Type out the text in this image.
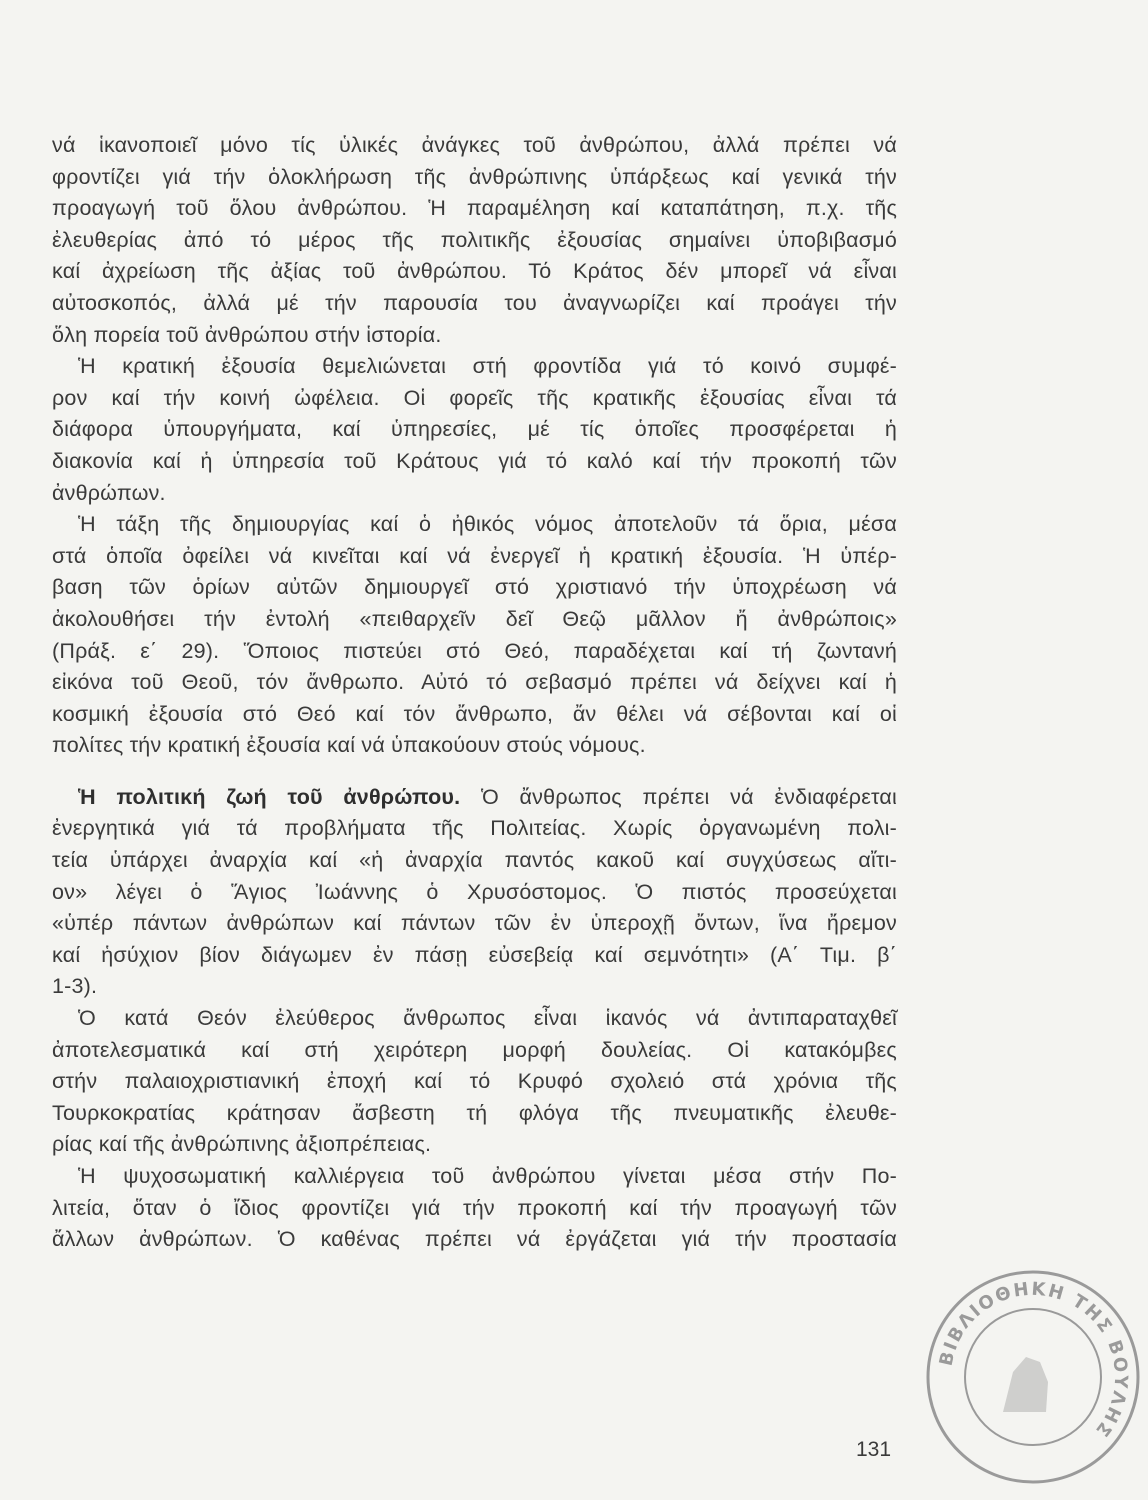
νά ἱκανοποιεῖ μόνο τίς ὑλικές ἀνάγκες τοῦ ἀνθρώπου, ἀλλά πρέπει νά
φροντίζει γιά τήν ὁλοκλήρωση τῆς ἀνθρώπινης ὑπάρξεως καί γενικά τήν
προαγωγή τοῦ ὅλου ἀνθρώπου. Ἡ παραμέληση καί καταπάτηση, π.χ. τῆς
ἐλευθερίας ἀπό τό μέρος τῆς πολιτικῆς ἐξουσίας σημαίνει ὑποβιβασμό
καί ἀχρείωση τῆς ἀξίας τοῦ ἀνθρώπου. Τό Κράτος δέν μπορεῖ νά εἶναι
αὐτοσκοπός, ἀλλά μέ τήν παρουσία του ἀναγνωρίζει καί προάγει τήν
ὅλη πορεία τοῦ ἀνθρώπου στήν ἱστορία.
Ἡ κρατική ἐξουσία θεμελιώνεται στή φροντίδα γιά τό κοινό συμφέ-
ρον καί τήν κοινή ὠφέλεια. Οἱ φορεῖς τῆς κρατικῆς ἐξουσίας εἶναι τά
διάφορα ὑπουργήματα, καί ὑπηρεσίες, μέ τίς ὁποῖες προσφέρεται ἡ
διακονία καί ἡ ὑπηρεσία τοῦ Κράτους γιά τό καλό καί τήν προκοπή τῶν
ἀνθρώπων.
Ἡ τάξη τῆς δημιουργίας καί ὁ ἠθικός νόμος ἀποτελοῦν τά ὅρια, μέσα
στά ὁποῖα ὀφείλει νά κινεῖται καί νά ἐνεργεῖ ἡ κρατική ἐξουσία. Ἡ ὑπέρ-
βαση τῶν ὁρίων αὐτῶν δημιουργεῖ στό χριστιανό τήν ὑποχρέωση νά
ἀκολουθήσει τήν ἐντολή «πειθαρχεῖν δεῖ Θεῷ μᾶλλον ἤ ἀνθρώποις»
(Πράξ. ε΄ 29). Ὅποιος πιστεύει στό Θεό, παραδέχεται καί τή ζωντανή
εἰκόνα τοῦ Θεοῦ, τόν ἄνθρωπο. Αὐτό τό σεβασμό πρέπει νά δείχνει καί ἡ
κοσμική ἐξουσία στό Θεό καί τόν ἄνθρωπο, ἄν θέλει νά σέβονται καί οἱ
πολίτες τήν κρατική ἐξουσία καί νά ὑπακούουν στούς νόμους.
Ἡ πολιτική ζωή τοῦ ἀνθρώπου. Ὁ ἄνθρωπος πρέπει νά ἐνδιαφέρεται
ἐνεργητικά γιά τά προβλήματα τῆς Πολιτείας. Χωρίς ὀργανωμένη πολι-
τεία ὑπάρχει ἀναρχία καί «ἡ ἀναρχία παντός κακοῦ καί συγχύσεως αἴτι-
ον» λέγει ὁ Ἅγιος Ἰωάννης ὁ Χρυσόστομος. Ὁ πιστός προσεύχεται
«ὑπέρ πάντων ἀνθρώπων καί πάντων τῶν ἐν ὑπεροχῇ ὄντων, ἵνα ἤρεμον
καί ἡσύχιον βίον διάγωμεν ἐν πάσῃ εὐσεβείᾳ καί σεμνότητι» (Α΄ Τιμ. β΄
1-3).
Ὁ κατά Θεόν ἐλεύθερος ἄνθρωπος εἶναι ἱκανός νά ἀντιπαραταχθεῖ
ἀποτελεσματικά καί στή χειρότερη μορφή δουλείας. Οἱ κατακόμβες
στήν παλαιοχριστιανική ἐποχή καί τό Κρυφό σχολειό στά χρόνια τῆς
Τουρκοκρατίας κράτησαν ἄσβεστη τή φλόγα τῆς πνευματικῆς ἐλευθε-
ρίας καί τῆς ἀνθρώπινης ἀξιοπρέπειας.
Ἡ ψυχοσωματική καλλιέργεια τοῦ ἀνθρώπου γίνεται μέσα στήν Πο-
λιτεία, ὅταν ὁ ἴδιος φροντίζει γιά τήν προκοπή καί τήν προαγωγή τῶν
ἄλλων ἀνθρώπων. Ὁ καθένας πρέπει νά ἐργάζεται γιά τήν προστασία
131
ΒΙΒΛΙΟΘΗΚΗ ΤΗΣ ΒΟΥΛΗΣ
